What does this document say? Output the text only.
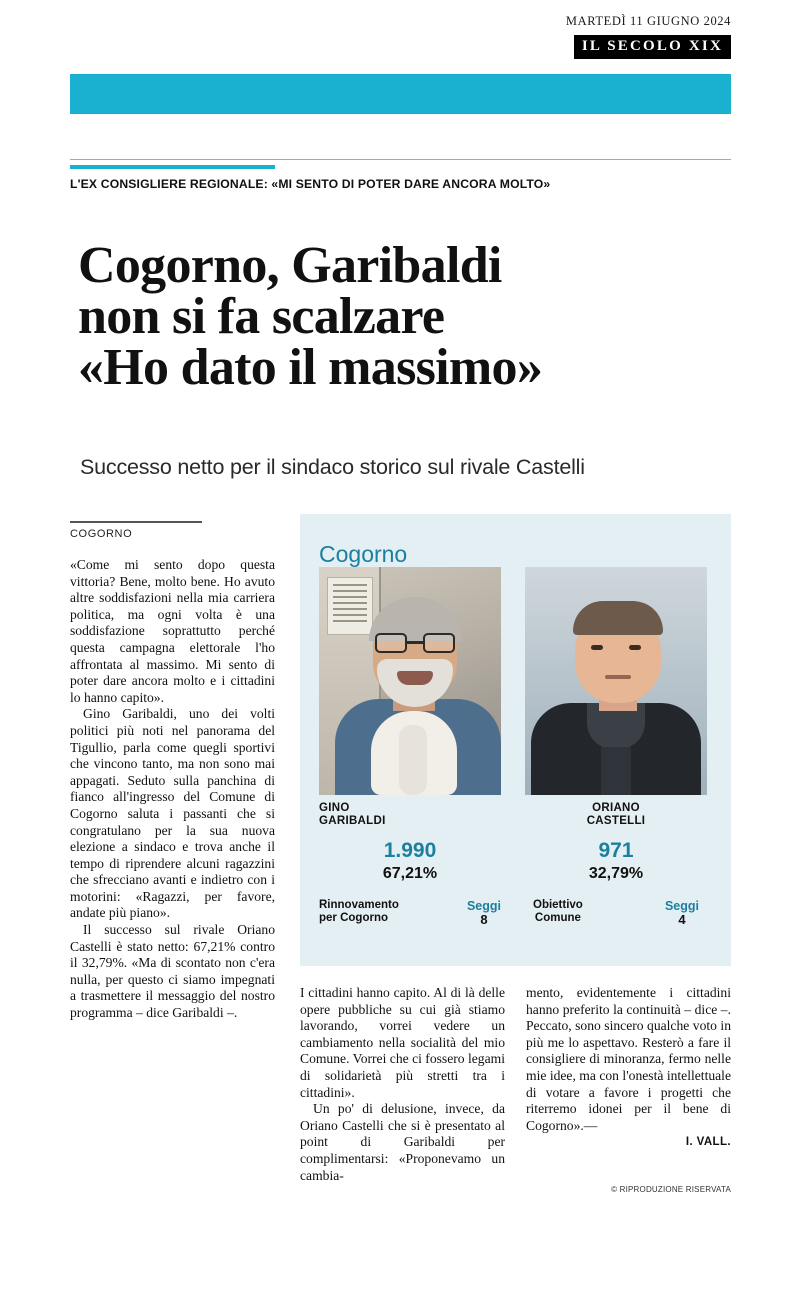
MARTEDÌ 11 GIUGNO 2024
IL SECOLO XIX
L'EX CONSIGLIERE REGIONALE: «MI SENTO DI POTER DARE ANCORA MOLTO»
Cogorno, Garibaldi
non si fa scalzare
«Ho dato il massimo»
Successo netto per il sindaco storico sul rivale Castelli
COGORNO

«Come mi sento dopo questa vittoria? Bene, molto bene. Ho avuto altre soddisfazioni nella mia carriera politica, ma ogni volta è una soddisfazione soprattutto perché questa campagna elettorale l'ho affrontata al massimo. Mi sento di poter dare ancora molto e i cittadini lo hanno capito».

Gino Garibaldi, uno dei volti politici più noti nel panorama del Tigullio, parla come quegli sportivi che vincono tanto, ma non sono mai appagati. Seduto sulla panchina di fianco all'ingresso del Comune di Cogorno saluta i passanti che si congratulano per la sua nuova elezione a sindaco e trova anche il tempo di riprendere alcuni ragazzini che sfrecciano avanti e indietro con i motorini: «Ragazzi, per favore, andate più piano».

Il successo sul rivale Oriano Castelli è stato netto: 67,21% contro il 32,79%. «Ma di scontato non c'era nulla, per questo ci siamo impegnati a trasmettere il messaggio del nostro programma – dice Garibaldi –.

Cogorno
GINO
GARIBALDI
1.990
67,21%
Rinnovamento
per Cogorno
Seggi
8
ORIANO
CASTELLI
971
32,79%
Obiettivo
Comune
Seggi
4

I cittadini hanno capito. Al di là delle opere pubbliche su cui già stiamo lavorando, vorrei vedere un cambiamento nella socialità del mio Comune. Vorrei che ci fossero legami di solidarietà più stretti tra i cittadini».

Un po' di delusione, invece, da Oriano Castelli che si è presentato al point di Garibaldi per complimentarsi: «Proponevamo un cambia-

mento, evidentemente i cittadini hanno preferito la continuità – dice –. Peccato, sono sincero qualche voto in più me lo aspettavo. Resterò a fare il consigliere di minoranza, fermo nelle mie idee, ma con l'onestà intellettuale di votare a favore i progetti che riterremo idonei per il bene di Cogorno».—

I. VALL.

© RIPRODUZIONE RISERVATA
